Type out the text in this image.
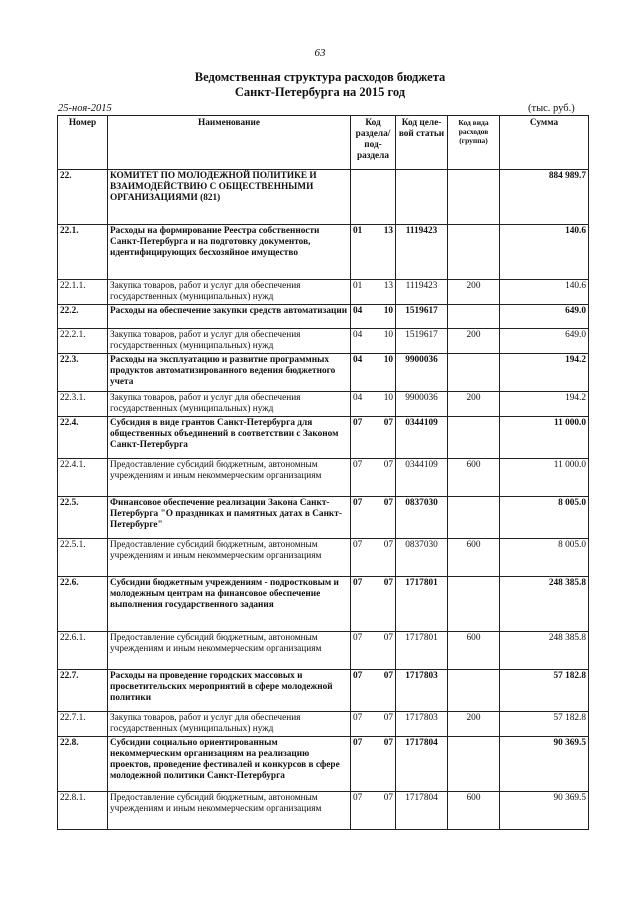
63
Ведомственная структура расходов бюджета
Санкт-Петербурга на 2015 год
25-ноя-2015	(тыс. руб.)
Номер	Наименование	Код раздела/ под-раздела	Код целе-вой статьи	Код вида расходов (группа)	Сумма
22.	КОМИТЕТ ПО МОЛОДЕЖНОЙ ПОЛИТИКЕ И ВЗАИМОДЕЙСТВИЮ С ОБЩЕСТВЕННЫМИ ОРГАНИЗАЦИЯМИ (821)				884 989.7
22.1.	Расходы на формирование Реестра собственности Санкт-Петербурга и на подготовку документов, идентифицирующих бесхозяйное имущество	01 13	1119423		140.6
22.1.1.	Закупка товаров, работ и услуг для обеспечения государственных (муниципальных) нужд	01 13	1119423	200	140.6
22.2.	Расходы на обеспечение закупки средств автоматизации	04 10	1519617		649.0
22.2.1.	Закупка товаров, работ и услуг для обеспечения государственных (муниципальных) нужд	04 10	1519617	200	649.0
22.3.	Расходы на эксплуатацию и развитие программных продуктов автоматизированного ведения бюджетного учета	04 10	9900036		194.2
22.3.1.	Закупка товаров, работ и услуг для обеспечения государственных (муниципальных) нужд	04 10	9900036	200	194.2
22.4.	Субсидия в виде грантов Санкт-Петербурга для общественных объединений в соответствии с Законом Санкт-Петербурга	07 07	0344109		11 000.0
22.4.1.	Предоставление субсидий бюджетным, автономным учреждениям и иным некоммерческим организациям	07 07	0344109	600	11 000.0
22.5.	Финансовое обеспечение реализации Закона Санкт-Петербурга "О праздниках и памятных датах в Санкт-Петербурге"	07 07	0837030		8 005.0
22.5.1.	Предоставление субсидий бюджетным, автономным учреждениям и иным некоммерческим организациям	07 07	0837030	600	8 005.0
22.6.	Субсидии бюджетным учреждениям - подростковым и молодежным центрам на финансовое обеспечение выполнения государственного задания	07 07	1717801		248 385.8
22.6.1.	Предоставление субсидий бюджетным, автономным учреждениям и иным некоммерческим организациям	07 07	1717801	600	248 385.8
22.7.	Расходы на проведение городских массовых и просветительских мероприятий в сфере молодежной политики	07 07	1717803		57 182.8
22.7.1.	Закупка товаров, работ и услуг для обеспечения государственных (муниципальных) нужд	07 07	1717803	200	57 182.8
22.8.	Субсидии социально ориентированным некоммерческим организациям на реализацию проектов, проведение фестивалей и конкурсов в сфере молодежной политики Санкт-Петербурга	07 07	1717804		90 369.5
22.8.1.	Предоставление субсидий бюджетным, автономным учреждениям и иным некоммерческим организациям	07 07	1717804	600	90 369.5
